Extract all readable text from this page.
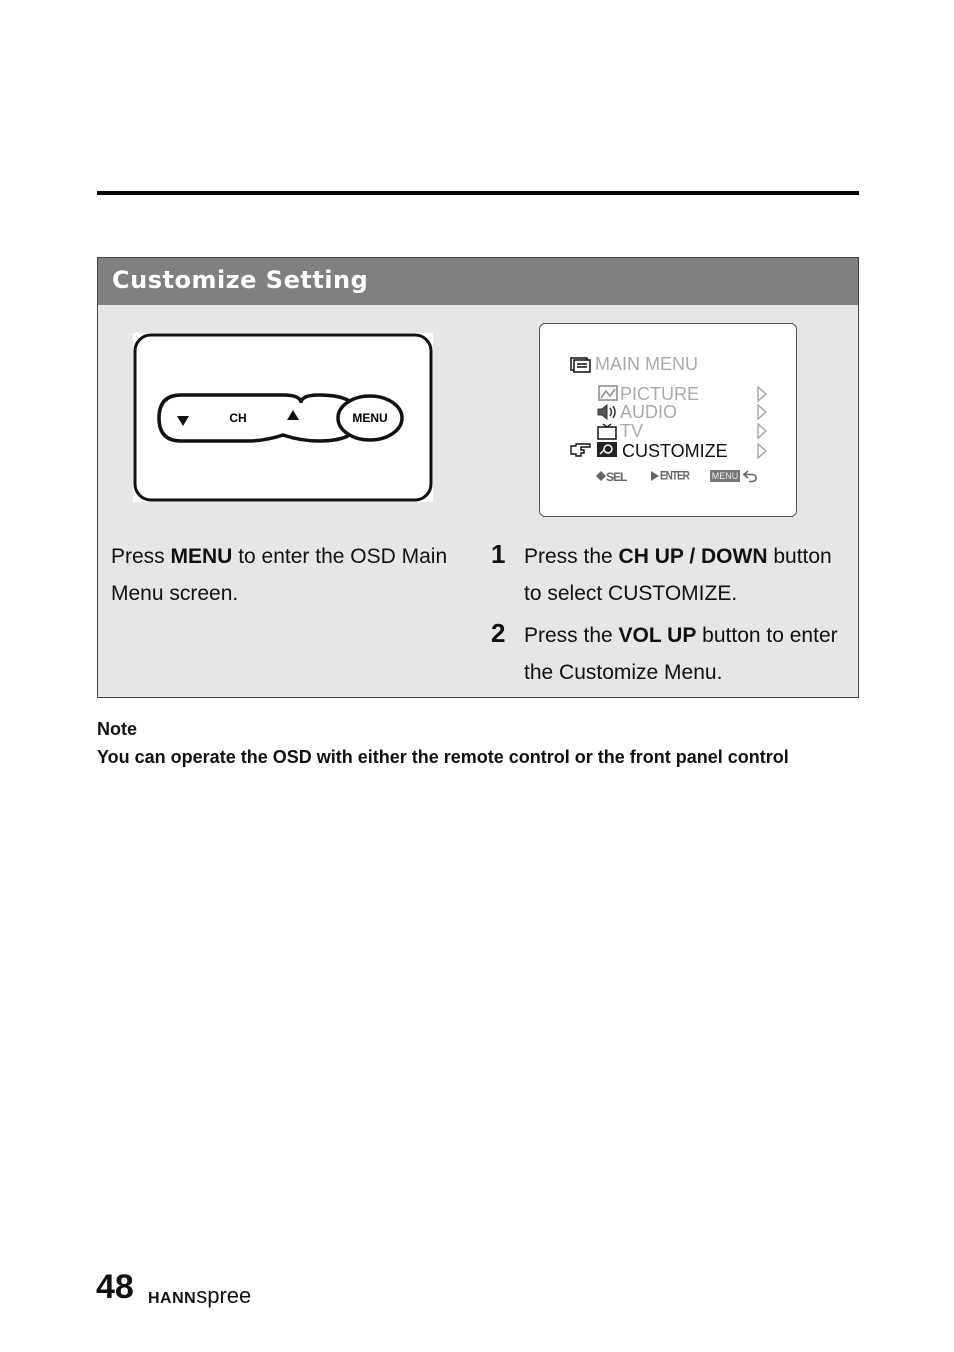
Customize Setting
CH	MENU
MAIN MENU
PICTURE
AUDIO
TV
CUSTOMIZE
SEL	ENTER	MENU
Press MENU to enter the OSD Main Menu screen.
1 Press the CH UP / DOWN button to select CUSTOMIZE.
2 Press the VOL UP button to enter the Customize Menu.
Note
You can operate the OSD with either the remote control or the front panel control
48 HANNspree
